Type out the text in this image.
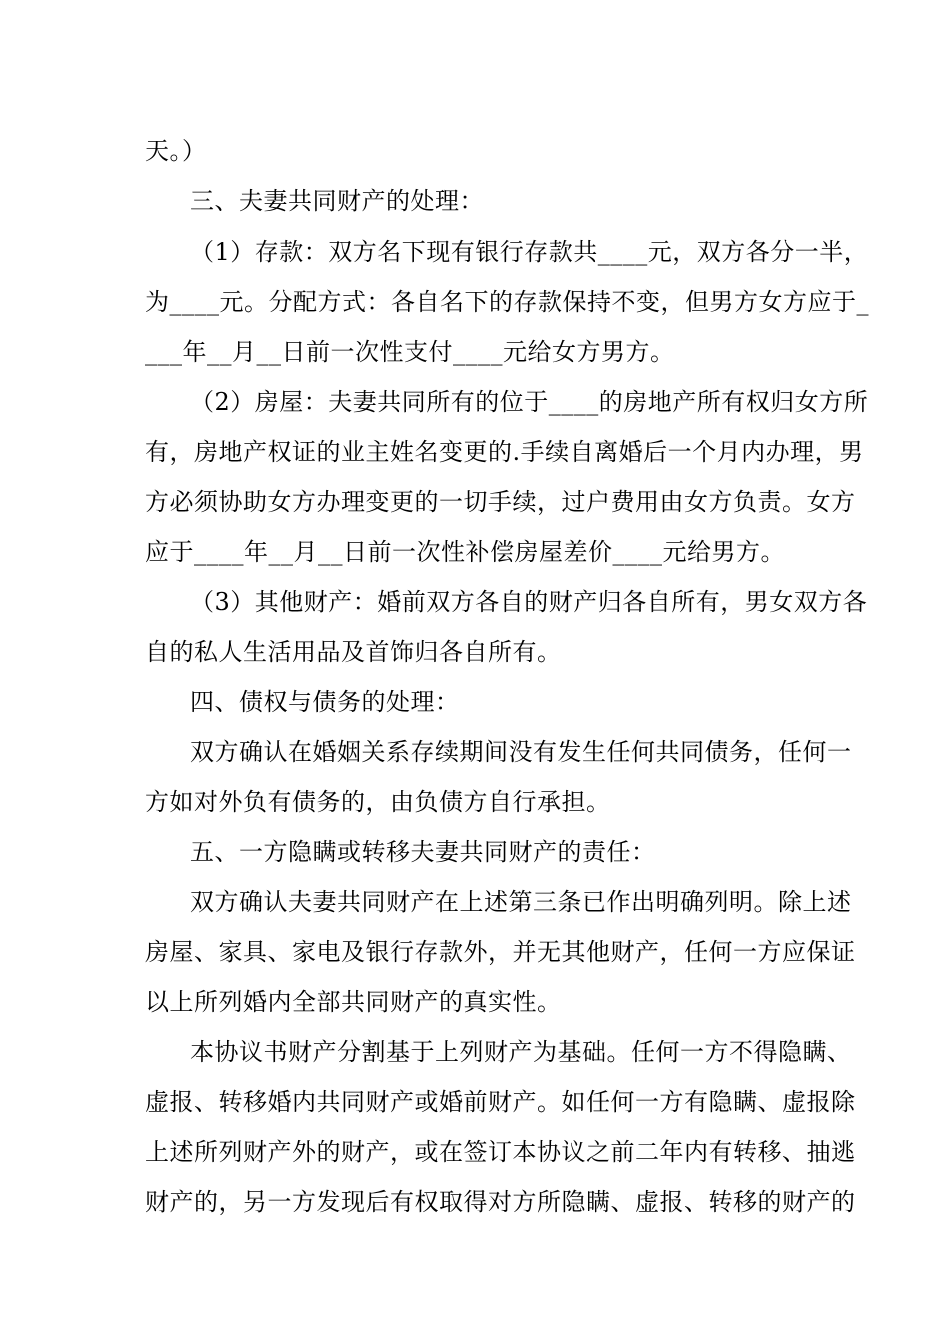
天。）
三、夫妻共同财产的处理：
（1）存款：双方名下现有银行存款共____元，双方各分一半，
为____元。分配方式：各自名下的存款保持不变，但男方女方应于_
___年__月__日前一次性支付____元给女方男方。
（2）房屋：夫妻共同所有的位于____的房地产所有权归女方所
有，房地产权证的业主姓名变更的.手续自离婚后一个月内办理，男
方必须协助女方办理变更的一切手续，过户费用由女方负责。女方
应于____年__月__日前一次性补偿房屋差价____元给男方。
（3）其他财产：婚前双方各自的财产归各自所有，男女双方各
自的私人生活用品及首饰归各自所有。
四、债权与债务的处理：
双方确认在婚姻关系存续期间没有发生任何共同债务，任何一
方如对外负有债务的，由负债方自行承担。
五、一方隐瞒或转移夫妻共同财产的责任：
双方确认夫妻共同财产在上述第三条已作出明确列明。除上述
房屋、家具、家电及银行存款外，并无其他财产，任何一方应保证
以上所列婚内全部共同财产的真实性。
本协议书财产分割基于上列财产为基础。任何一方不得隐瞒、
虚报、转移婚内共同财产或婚前财产。如任何一方有隐瞒、虚报除
上述所列财产外的财产，或在签订本协议之前二年内有转移、抽逃
财产的，另一方发现后有权取得对方所隐瞒、虚报、转移的财产的
